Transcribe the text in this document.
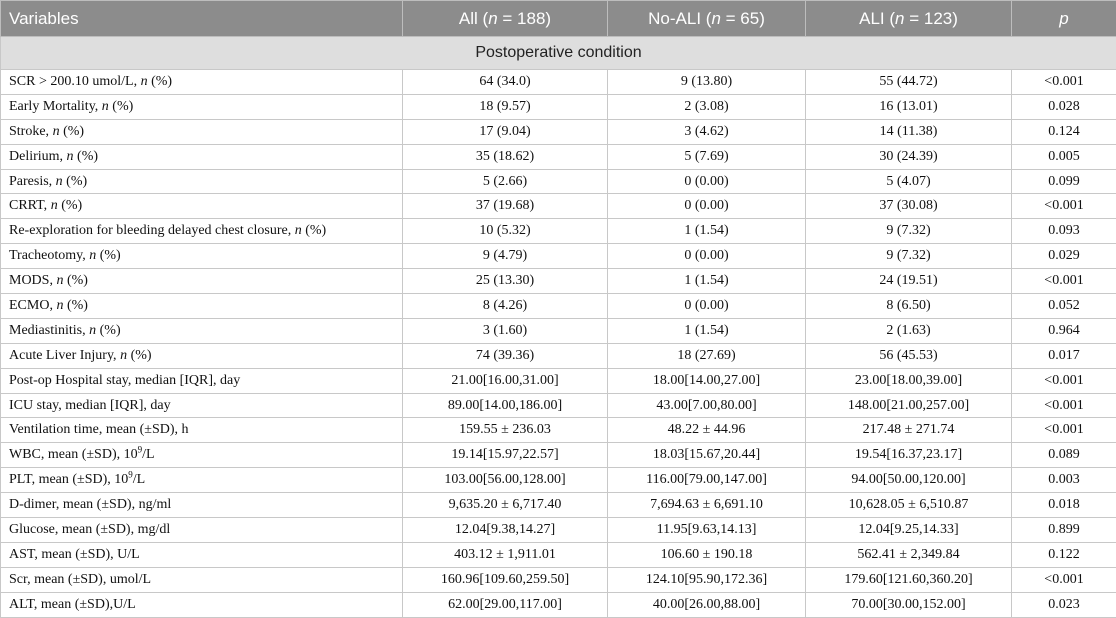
Variables	All (n = 188)	No-ALI (n = 65)	ALI (n = 123)	p
Postoperative condition				
SCR > 200.10 umol/L, n (%)	64 (34.0)	9 (13.80)	55 (44.72)	<0.001
Early Mortality, n (%)	18 (9.57)	2 (3.08)	16 (13.01)	0.028
Stroke, n (%)	17 (9.04)	3 (4.62)	14 (11.38)	0.124
Delirium, n (%)	35 (18.62)	5 (7.69)	30 (24.39)	0.005
Paresis, n (%)	5 (2.66)	0 (0.00)	5 (4.07)	0.099
CRRT, n (%)	37 (19.68)	0 (0.00)	37 (30.08)	<0.001
Re-exploration for bleeding delayed chest closure, n (%)	10 (5.32)	1 (1.54)	9 (7.32)	0.093
Tracheotomy, n (%)	9 (4.79)	0 (0.00)	9 (7.32)	0.029
MODS, n (%)	25 (13.30)	1 (1.54)	24 (19.51)	<0.001
ECMO, n (%)	8 (4.26)	0 (0.00)	8 (6.50)	0.052
Mediastinitis, n (%)	3 (1.60)	1 (1.54)	2 (1.63)	0.964
Acute Liver Injury, n (%)	74 (39.36)	18 (27.69)	56 (45.53)	0.017
Post-op Hospital stay, median [IQR], day	21.00[16.00,31.00]	18.00[14.00,27.00]	23.00[18.00,39.00]	<0.001
ICU stay, median [IQR], day	89.00[14.00,186.00]	43.00[7.00,80.00]	148.00[21.00,257.00]	<0.001
Ventilation time, mean (±SD), h	159.55 ± 236.03	48.22 ± 44.96	217.48 ± 271.74	<0.001
WBC, mean (±SD), $10^9/L$	19.14[15.97,22.57]	18.03[15.67,20.44]	19.54[16.37,23.17]	0.089
PLT, mean (±SD), $10^9/L$	103.00[56.00,128.00]	116.00[79.00,147.00]	94.00[50.00,120.00]	0.003
D-dimer, mean (±SD), ng/ml	9,635.20 ± 6,717.40	7,694.63 ± 6,691.10	10,628.05 ± 6,510.87	0.018
Glucose, mean (±SD), mg/dl	12.04[9.38,14.27]	11.95[9.63,14.13]	12.04[9.25,14.33]	0.899
AST, mean (±SD), U/L	403.12 ± 1,911.01	106.60 ± 190.18	562.41 ± 2,349.84	0.122
Scr, mean (±SD), umol/L	160.96[109.60,259.50]	124.10[95.90,172.36]	179.60[121.60,360.20]	<0.001
ALT, mean (±SD),U/L	62.00[29.00,117.00]	40.00[26.00,88.00]	70.00[30.00,152.00]	0.023
